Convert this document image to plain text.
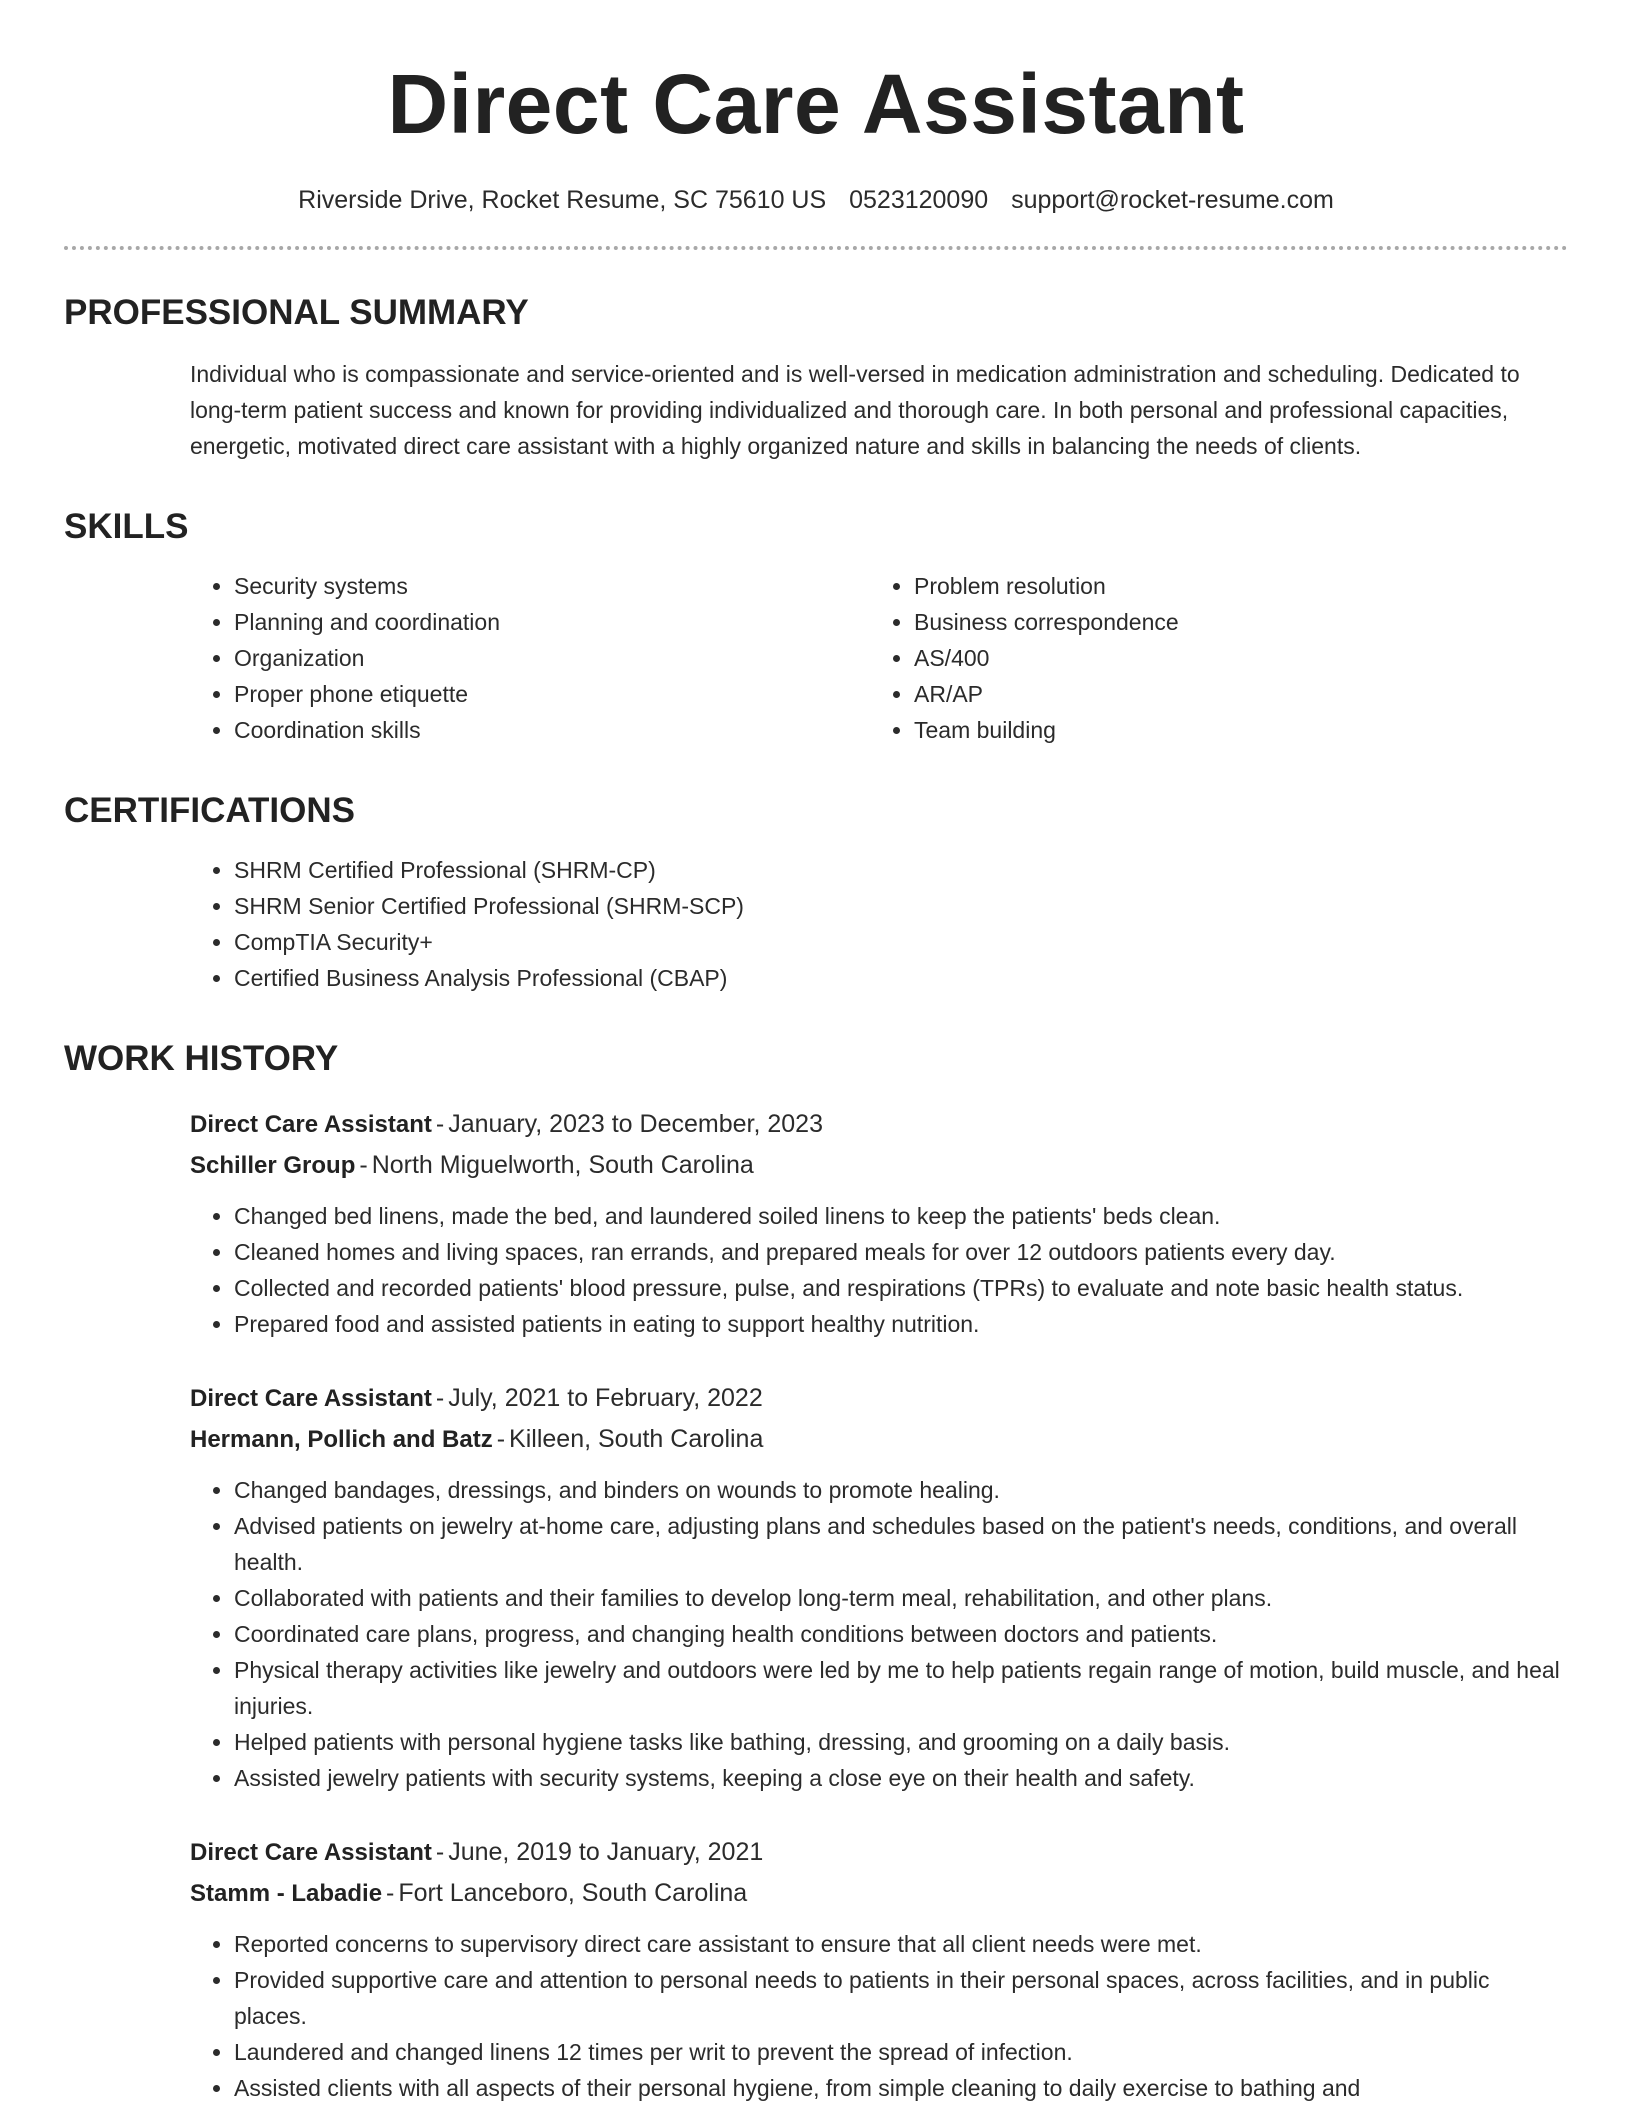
Direct Care Assistant
Riverside Drive, Rocket Resume, SC 75610 US 0523120090 support@rocket-resume.com
PROFESSIONAL SUMMARY
Individual who is compassionate and service-oriented and is well-versed in medication administration and scheduling. Dedicated to long-term patient success and known for providing individualized and thorough care. In both personal and professional capacities, energetic, motivated direct care assistant with a highly organized nature and skills in balancing the needs of clients.
SKILLS
• Security systems
• Planning and coordination
• Organization
• Proper phone etiquette
• Coordination skills
• Problem resolution
• Business correspondence
• AS/400
• AR/AP
• Team building
CERTIFICATIONS
• SHRM Certified Professional (SHRM-CP)
• SHRM Senior Certified Professional (SHRM-SCP)
• CompTIA Security+
• Certified Business Analysis Professional (CBAP)
WORK HISTORY
Direct Care Assistant - January, 2023 to December, 2023
Schiller Group - North Miguelworth, South Carolina
• Changed bed linens, made the bed, and laundered soiled linens to keep the patients' beds clean.
• Cleaned homes and living spaces, ran errands, and prepared meals for over 12 outdoors patients every day.
• Collected and recorded patients' blood pressure, pulse, and respirations (TPRs) to evaluate and note basic health status.
• Prepared food and assisted patients in eating to support healthy nutrition.
Direct Care Assistant - July, 2021 to February, 2022
Hermann, Pollich and Batz - Killeen, South Carolina
• Changed bandages, dressings, and binders on wounds to promote healing.
• Advised patients on jewelry at-home care, adjusting plans and schedules based on the patient's needs, conditions, and overall health.
• Collaborated with patients and their families to develop long-term meal, rehabilitation, and other plans.
• Coordinated care plans, progress, and changing health conditions between doctors and patients.
• Physical therapy activities like jewelry and outdoors were led by me to help patients regain range of motion, build muscle, and heal injuries.
• Helped patients with personal hygiene tasks like bathing, dressing, and grooming on a daily basis.
• Assisted jewelry patients with security systems, keeping a close eye on their health and safety.
Direct Care Assistant - June, 2019 to January, 2021
Stamm - Labadie - Fort Lanceboro, South Carolina
• Reported concerns to supervisory direct care assistant to ensure that all client needs were met.
• Provided supportive care and attention to personal needs to patients in their personal spaces, across facilities, and in public places.
• Laundered and changed linens 12 times per writ to prevent the spread of infection.
• Assisted clients with all aspects of their personal hygiene, from simple cleaning to daily exercise to bathing and
